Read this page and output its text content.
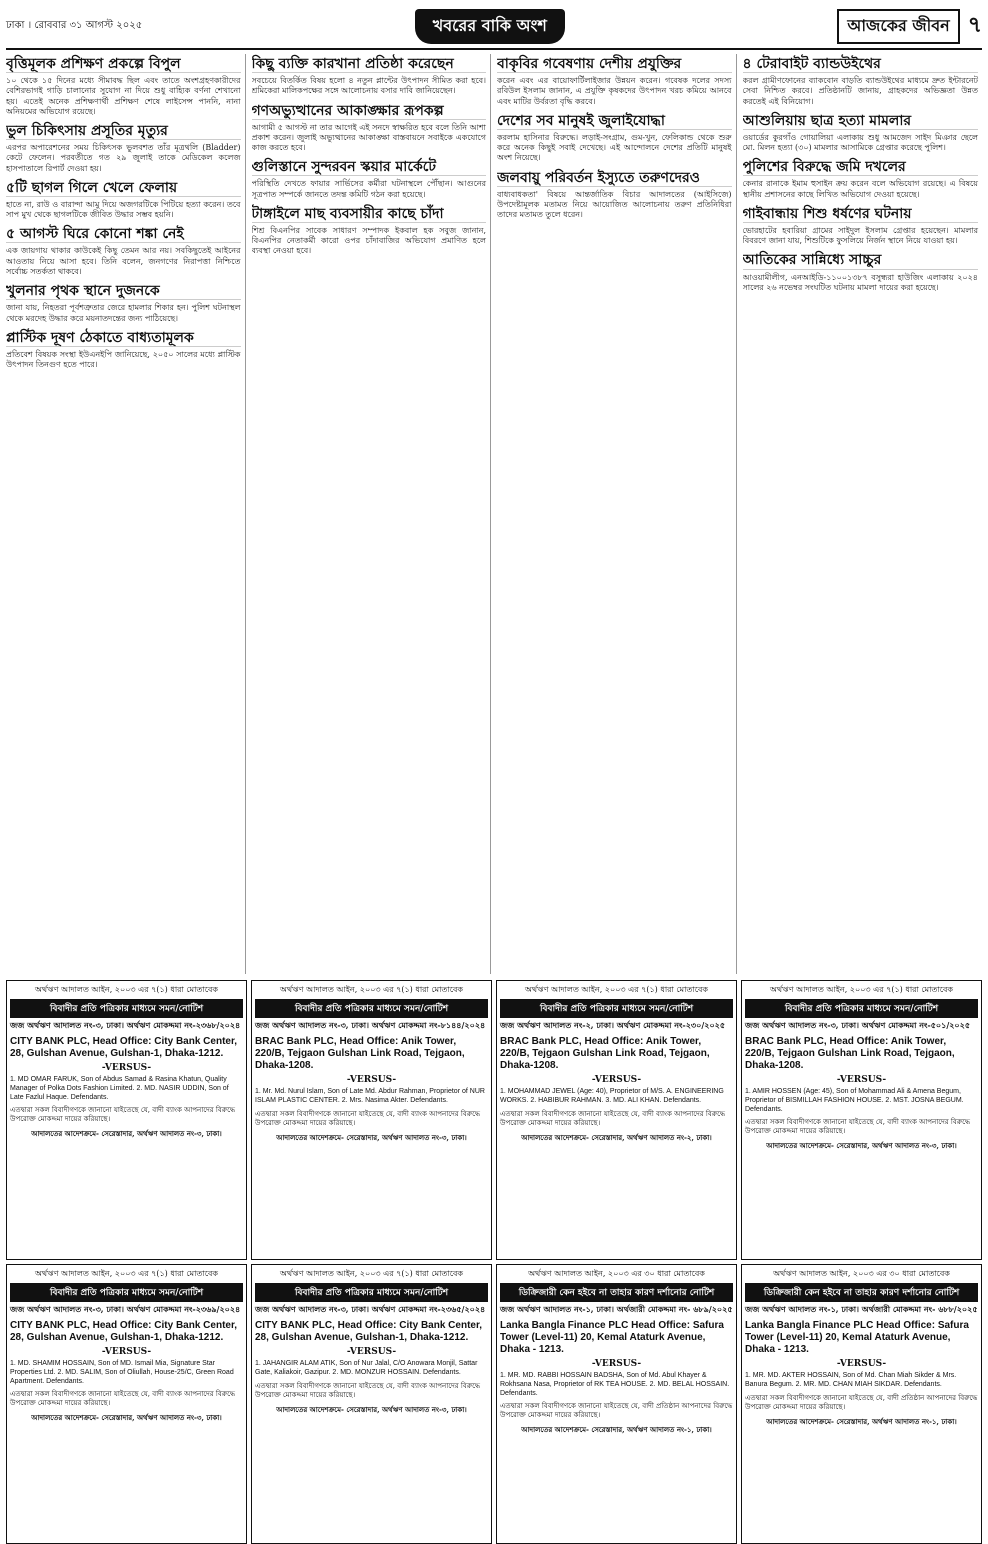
ঢাকা । রোববার ৩১ আগস্ট ২০২৫	খবরের বাকি অংশ	আজকের জীবন ৭
বৃত্তিমূলক প্রশিক্ষণ প্রকল্পে বিপুল

১০ থেকে ১৫ দিনের মধ্যে সীমাবদ্ধ ছিল এবং তাতে অংশগ্রহণকারীদের বেশিরভাগই গাড়ি চালানোর সুযোগ না দিয়ে শুধু বাহ্যিক বর্ণনা শেখানো হয়। এতেই অনেক প্রশিক্ষণার্থী প্রশিক্ষণ শেষে লাইসেন্স পাননি, নানা অনিয়মের অভিযোগ রয়েছে।

ভুল চিকিৎসায় প্রসূতির মৃত্যুর

এরপর অপারেশনের সময় চিকিৎসক ভুলবশত তাঁর মূত্রথলি (Bladder) কেটে ফেলেন। পরবর্তীতে গত ২৯ জুলাই তাকে মেডিকেল কলেজ হাসপাতালে রিপার্ট দেওয়া হয়।

৫টি ছাগল গিলে খেলে ফেলায়

হাতে না, রাউ ও বারান্দা আমু দিয়ে অজগরটিকে পিটিয়ে হত্যা করেন। তবে সাপ মুখ থেকে ছাগলটিকে জীবিত উদ্ধার সম্ভব হয়নি।

৫ আগস্ট ঘিরে কোনো শঙ্কা নেই

এক জায়গায় থাকার কাউকেই কিছু তেমন আর নয়। সবকিছুতেই আইনের আওতায় নিয়ে আসা হবে। তিনি বলেন, জনগণের নিরাপত্তা নিশ্চিতে সর্বোচ্চ সতর্কতা থাকবে।

খুলনার পৃথক স্থানে দুজনকে

জানা যায়, নিহতরা পূর্বশত্রুতার জেরে হামলার শিকার হন। পুলিশ ঘটনাস্থল থেকে মরদেহ উদ্ধার করে ময়নাতদন্তের জন্য পাঠিয়েছে।

প্লাস্টিক দূষণ ঠেকাতে বাধ্যতামূলক

প্রতিবেশ বিষয়ক সংস্থা ইউএনইপি জানিয়েছে, ২০৫০ সালের মধ্যে প্লাস্টিক উৎপাদন তিনগুণ হতে পারে।

কিছু ব্যক্তি কারখানা প্রতিষ্ঠা করেছেন

সবচেয়ে বিতর্কিত বিষয় হলো ৪ নতুন প্লান্টের উৎপাদন সীমিত করা হবে। শ্রমিকেরা মালিকপক্ষের সঙ্গে আলোচনায় বসার দাবি জানিয়েছেন।

গণঅভ্যুত্থানের আকাঙ্ক্ষার রূপকল্প

আগামী ৫ আগস্ট না তার আগেই এই সনদে স্বাক্ষরিত হবে বলে তিনি আশা প্রকাশ করেন। জুলাই অভ্যুত্থানের আকাঙ্ক্ষা বাস্তবায়নে সবাইকে একযোগে কাজ করতে হবে।

গুলিস্তানে সুন্দরবন স্কয়ার মার্কেটে

পরিস্থিতি দেখতে ফায়ার সার্ভিসের কর্মীরা ঘটনাস্থলে পৌঁছান। আগুনের সূত্রপাত সম্পর্কে জানতে তদন্ত কমিটি গঠন করা হয়েছে।

টাঙ্গাইলে মাছ ব্যবসায়ীর কাছে চাঁদা

শিশ্র বিএনপির সাবেক সাধারণ সম্পাদক ইকবাল হক সবুজ জানান, বিএনপির নেতাকর্মী কারো ওপর চাঁদাবাজির অভিযোগ প্রমাণিত হলে ব্যবস্থা নেওয়া হবে।

বাকৃবির গবেষণায় দেশীয় প্রযুক্তির

করেন এবং এর বায়োফার্টিলাইজার উন্নয়ন করেন। গবেষক দলের সদস্য রবিউল ইসলাম জানান, এ প্রযুক্তি কৃষকদের উৎপাদন খরচ কমিয়ে আনবে এবং মাটির উর্বরতা বৃদ্ধি করবে।

দেশের সব মানুষই জুলাইযোদ্ধা

করলাম হাসিনার বিরুদ্ধে। লড়াই-সংগ্রাম, গুম-খুন, ফেলিকান্ড থেকে শুরু করে অনেক কিছুই সবাই দেখেছে। এই আন্দোলনে দেশের প্রতিটি মানুষই অংশ নিয়েছে।

জলবায়ু পরিবর্তন ইস্যুতে তরুণদেরও

বাধ্যবাধকতা' বিষয়ে আন্তর্জাতিক বিচার আদালতের (আইসিজে) উপদেষ্টামূলক মতামত নিয়ে আয়োজিত আলোচনায় তরুণ প্রতিনিধিরা তাদের মতামত তুলে ধরেন।

৪ টেরাবাইট ব্যান্ডউইথের

করল গ্রামীণফোনের ব্যাকবোন বাড়তি ব্যান্ডউইথের মাধ্যমে দ্রুত ইন্টারনেট সেবা নিশ্চিত করবে। প্রতিষ্ঠানটি জানায়, গ্রাহকদের অভিজ্ঞতা উন্নত করতেই এই বিনিয়োগ।

আশুলিয়ায় ছাত্র হত্যা মামলার

ওয়ার্ডের কুরগাঁও গোয়ালিয়া এলাকায় শুধু আমজেদ সাইদ মিঞার ছেলে মো. মিলন হত্যা (৩০) মামলার আসামিকে গ্রেপ্তার করেছে পুলিশ।

পুলিশের বিরুদ্ধে জমি দখলের

কেনার রানাকে ইমাম হুসাইন ক্রয় করেন বলে অভিযোগ রয়েছে। এ বিষয়ে স্থানীয় প্রশাসনের কাছে লিখিত অভিযোগ দেওয়া হয়েছে।

গাইবান্ধায় শিশু ধর্ষণের ঘটনায়

ভোরহাটের হবারিয়া গ্রামের সাইদুল ইসলাম গ্রেপ্তার হয়েছেন। মামলার বিবরণে জানা যায়, শিশুটিকে ফুসলিয়ে নির্জন স্থানে নিয়ে যাওয়া হয়।

আতিকের সান্নিধ্যে সাচ্চুর

আওয়ামীলীগ, এনআইডি-১১০০১৩৮৭ বসুন্ধরা হাউজিং এলাকায় ২০২৪ সালের ২৬ নভেম্বর সংঘটিত ঘটনায় মামলা দায়ের করা হয়েছে।

অর্থঋণ আদালত আইন, ২০০৩ এর ৭(১) ধারা মোতাবেক
বিবাদীর প্রতি পত্রিকার মাধ্যমে সমন/নোটিশ
জজ অর্থঋণ আদালত নং-৩, ঢাকা। অর্থঋণ মোকদ্দমা নং-২৩৬৮/২০২৪
CITY BANK PLC, Head Office: City Bank Center, 28, Gulshan Avenue, Gulshan-1, Dhaka-1212.
-VERSUS-
1. MD OMAR FARUK, Son of Abdus Samad & Rasina Khatun, Quality Manager of Polka Dots Fashion Limited. 2. MD. NASIR UDDIN, Son of Late Fazlul Haque. Defendants.
এতদ্বারা সকল বিবাদীগণকে জানানো যাইতেছে যে, বাদী ব্যাংক আপনাদের বিরুদ্ধে উপরোক্ত মোকদ্দমা দায়ের করিয়াছে।
আদালতের আদেশক্রমে- সেরেস্তাদার, অর্থঋণ আদালত নং-৩, ঢাকা।
অর্থঋণ আদালত আইন, ২০০৩ এর ৭(১) ধারা মোতাবেক
বিবাদীর প্রতি পত্রিকার মাধ্যমে সমন/নোটিশ
জজ অর্থঋণ আদালত নং-৩, ঢাকা। অর্থঋণ মোকদ্দমা নং-৮১৪৪/২০২৪
BRAC Bank PLC, Head Office: Anik Tower, 220/B, Tejgaon Gulshan Link Road, Tejgaon, Dhaka-1208.
-VERSUS-
1. Mr. Md. Nurul Islam, Son of Late Md. Abdur Rahman, Proprietor of NUR ISLAM PLASTIC CENTER. 2. Mrs. Nasima Akter. Defendants.
এতদ্বারা সকল বিবাদীগণকে জানানো যাইতেছে যে, বাদী ব্যাংক আপনাদের বিরুদ্ধে উপরোক্ত মোকদ্দমা দায়ের করিয়াছে।
আদালতের আদেশক্রমে- সেরেস্তাদার, অর্থঋণ আদালত নং-৩, ঢাকা।
অর্থঋণ আদালত আইন, ২০০৩ এর ৭(১) ধারা মোতাবেক
বিবাদীর প্রতি পত্রিকার মাধ্যমে সমন/নোটিশ
জজ অর্থঋণ আদালত নং-২, ঢাকা। অর্থঋণ মোকদ্দমা নং-২৩০/২০২৫
BRAC Bank PLC, Head Office: Anik Tower, 220/B, Tejgaon Gulshan Link Road, Tejgaon, Dhaka-1208.
-VERSUS-
1. MOHAMMAD JEWEL (Age: 40), Proprietor of M/S. A. ENGINEERING WORKS. 2. HABIBUR RAHMAN. 3. MD. ALI KHAN. Defendants.
এতদ্বারা সকল বিবাদীগণকে জানানো যাইতেছে যে, বাদী ব্যাংক আপনাদের বিরুদ্ধে উপরোক্ত মোকদ্দমা দায়ের করিয়াছে।
আদালতের আদেশক্রমে- সেরেস্তাদার, অর্থঋণ আদালত নং-২, ঢাকা।
অর্থঋণ আদালত আইন, ২০০৩ এর ৭(১) ধারা মোতাবেক
বিবাদীর প্রতি পত্রিকার মাধ্যমে সমন/নোটিশ
জজ অর্থঋণ আদালত নং-৩, ঢাকা। অর্থঋণ মোকদ্দমা নং-৫০১/২০২৫
BRAC Bank PLC, Head Office: Anik Tower, 220/B, Tejgaon Gulshan Link Road, Tejgaon, Dhaka-1208.
-VERSUS-
1. AMIR HOSSEN (Age: 45), Son of Mohammad Ali & Amena Begum, Proprietor of BISMILLAH FASHION HOUSE. 2. MST. JOSNA BEGUM. Defendants.
এতদ্বারা সকল বিবাদীগণকে জানানো যাইতেছে যে, বাদী ব্যাংক আপনাদের বিরুদ্ধে উপরোক্ত মোকদ্দমা দায়ের করিয়াছে।
আদালতের আদেশক্রমে- সেরেস্তাদার, অর্থঋণ আদালত নং-৩, ঢাকা।
অর্থঋণ আদালত আইন, ২০০৩ এর ৭(১) ধারা মোতাবেক
বিবাদীর প্রতি পত্রিকার মাধ্যমে সমন/নোটিশ
জজ অর্থঋণ আদালত নং-৩, ঢাকা। অর্থঋণ মোকদ্দমা নং-২৩৬৯/২০২৪
CITY BANK PLC, Head Office: City Bank Center, 28, Gulshan Avenue, Gulshan-1, Dhaka-1212.
-VERSUS-
1. MD. SHAMIM HOSSAIN, Son of MD. Ismail Mia, Signature Star Properties Ltd. 2. MD. SALIM, Son of Oliullah, House-25/C, Green Road Apartment. Defendants.
এতদ্বারা সকল বিবাদীগণকে জানানো যাইতেছে যে, বাদী ব্যাংক আপনাদের বিরুদ্ধে উপরোক্ত মোকদ্দমা দায়ের করিয়াছে।
আদালতের আদেশক্রমে- সেরেস্তাদার, অর্থঋণ আদালত নং-৩, ঢাকা।
অর্থঋণ আদালত আইন, ২০০৩ এর ৭(১) ধারা মোতাবেক
বিবাদীর প্রতি পত্রিকার মাধ্যমে সমন/নোটিশ
জজ অর্থঋণ আদালত নং-৩, ঢাকা। অর্থঋণ মোকদ্দমা নং-২৩৬৫/২০২৪
CITY BANK PLC, Head Office: City Bank Center, 28, Gulshan Avenue, Gulshan-1, Dhaka-1212.
-VERSUS-
1. JAHANGIR ALAM ATIK, Son of Nur Jalal, C/O Anowara Monjil, Sattar Gate, Kaliakoir, Gazipur. 2. MD. MONZUR HOSSAIN. Defendants.
এতদ্বারা সকল বিবাদীগণকে জানানো যাইতেছে যে, বাদী ব্যাংক আপনাদের বিরুদ্ধে উপরোক্ত মোকদ্দমা দায়ের করিয়াছে।
আদালতের আদেশক্রমে- সেরেস্তাদার, অর্থঋণ আদালত নং-৩, ঢাকা।
অর্থঋণ আদালত আইন, ২০০৩ এর ৩০ ধারা মোতাবেক
ডিক্রিজারী কেন হইবে না তাহার কারণ দর্শানোর নোটিশ
জজ অর্থঋণ আদালত নং-১, ঢাকা। অর্থজারী মোকদ্দমা নং- ৬৮৯/২০২৫
Lanka Bangla Finance PLC Head Office: Safura Tower (Level-11) 20, Kemal Ataturk Avenue, Dhaka - 1213.
-VERSUS-
1. MR. MD. RABBI HOSSAIN BADSHA, Son of Md. Abul Khayer & Rokhsana Nasa, Proprietor of RK TEA HOUSE. 2. MD. BELAL HOSSAIN. Defendants.
এতদ্বারা সকল বিবাদীগণকে জানানো যাইতেছে যে, বাদী প্রতিষ্ঠান আপনাদের বিরুদ্ধে উপরোক্ত মোকদ্দমা দায়ের করিয়াছে।
আদালতের আদেশক্রমে- সেরেস্তাদার, অর্থঋণ আদালত নং-১, ঢাকা।
অর্থঋণ আদালত আইন, ২০০৩ এর ৩০ ধারা মোতাবেক
ডিক্রিজারী কেন হইবে না তাহার কারণ দর্শানোর নোটিশ
জজ অর্থঋণ আদালত নং-১, ঢাকা। অর্থজারী মোকদ্দমা নং- ৬৮৮/২০২৫
Lanka Bangla Finance PLC Head Office: Safura Tower (Level-11) 20, Kemal Ataturk Avenue, Dhaka - 1213.
-VERSUS-
1. MR. MD. AKTER HOSSAIN, Son of Md. Chan Miah Sikder & Mrs. Banura Begum. 2. MR. MD. CHAN MIAH SIKDAR. Defendants.
এতদ্বারা সকল বিবাদীগণকে জানানো যাইতেছে যে, বাদী প্রতিষ্ঠান আপনাদের বিরুদ্ধে উপরোক্ত মোকদ্দমা দায়ের করিয়াছে।
আদালতের আদেশক্রমে- সেরেস্তাদার, অর্থঋণ আদালত নং-১, ঢাকা।
